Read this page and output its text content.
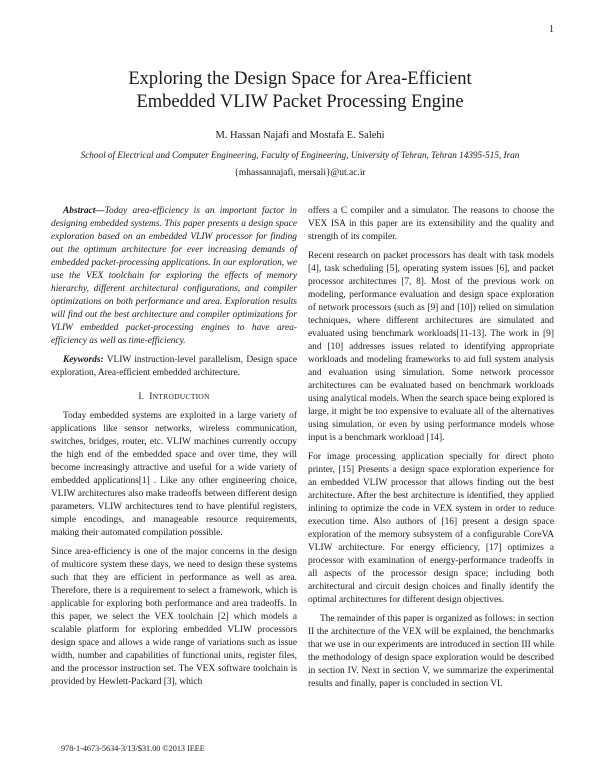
1
Exploring the Design Space for Area-Efficient
Embedded VLIW Packet Processing Engine
M. Hassan Najafi and Mostafa E. Salehi
School of Electrical and Computer Engineering, Faculty of Engineering, University of Tehran, Tehran 14395-515, Iran
{mhassannajafi, mersali}@ut.ac.ir

Abstract—Today area-efficiency is an important factor in designing embedded systems. This paper presents a design space exploration based on an embedded VLIW processor for finding out the optimum architecture for ever increasing demands of embedded packet-processing applications. In our exploration, we use the VEX toolchain for exploring the effects of memory hierarchy, different architectural configurations, and compiler optimizations on both performance and area. Exploration results will find out the best architecture and compiler optimizations for VLIW embedded packet-processing engines to have area-efficiency as well as time-efficiency.

Keywords: VLIW instruction-level parallelism, Design space exploration, Area-efficient embedded architecture.

I. INTRODUCTION

Today embedded systems are exploited in a large variety of applications like sensor networks, wireless communication, switches, bridges, router, etc. VLIW machines currently occupy the high end of the embedded space and over time, they will become increasingly attractive and useful for a wide variety of embedded applications[1] . Like any other engineering choice, VLIW architectures also make tradeoffs between different design parameters. VLIW architectures tend to have plentiful registers, simple encodings, and manageable resource requirements, making their automated compilation possible.

Since area-efficiency is one of the major concerns in the design of multicore system these days, we need to design these systems such that they are efficient in performance as well as area. Therefore, there is a requirement to select a framework, which is applicable for exploring both performance and area tradeoffs. In this paper, we select the VEX toolchain [2] which models a scalable platform for exploring embedded VLIW processors design space and allows a wide range of variations such as issue width, number and capabilities of functional units, register files, and the processor instruction set. The VEX software toolchain is provided by Hewlett-Packard [3], which

offers a C compiler and a simulator. The reasons to choose the VEX ISA in this paper are its extensibility and the quality and strength of its compiler.

Recent research on packet processors has dealt with task models [4], task scheduling [5], operating system issues [6], and packet processor architectures [7, 8]. Most of the previous work on modeling, performance evaluation and design space exploration of network processors (such as [9] and [10]) relied on simulation techniques, where different architectures are simulated and evaluated using benchmark workloads[11-13]. The work in [9] and [10] addresses issues related to identifying appropriate workloads and modeling frameworks to aid full system analysis and evaluation using simulation. Some network processor architectures can be evaluated based on benchmark workloads using analytical models. When the search space being explored is large, it might be too expensive to evaluate all of the alternatives using simulation, or even by using performance models whose input is a benchmark workload [14].

For image processing application specially for direct photo printer, [15] Presents a design space exploration experience for an embedded VLIW processor that allows finding out the best architecture. After the best architecture is identified, they applied inlining to optimize the code in VEX system in order to reduce execution time. Also authors of [16] present a design space exploration of the memory subsystem of a configurable CoreVA VLIW architecture. For energy efficiency, [17] optimizes a processor with examination of energy-performance tradeoffs in all aspects of the processor design space; including both architectural and circuit design choices and finally identify the optimal architectures for different design objectives.

The remainder of this paper is organized as follows: in section II the architecture of the VEX will be explained, the benchmarks that we use in our experiments are introduced in section III while the methodology of design space exploration would be described in section IV. Next in section V, we summarize the experimental results and finally, paper is concluded in section VI.

978-1-4673-5634-3/13/$31.00 ©2013 IEEE
